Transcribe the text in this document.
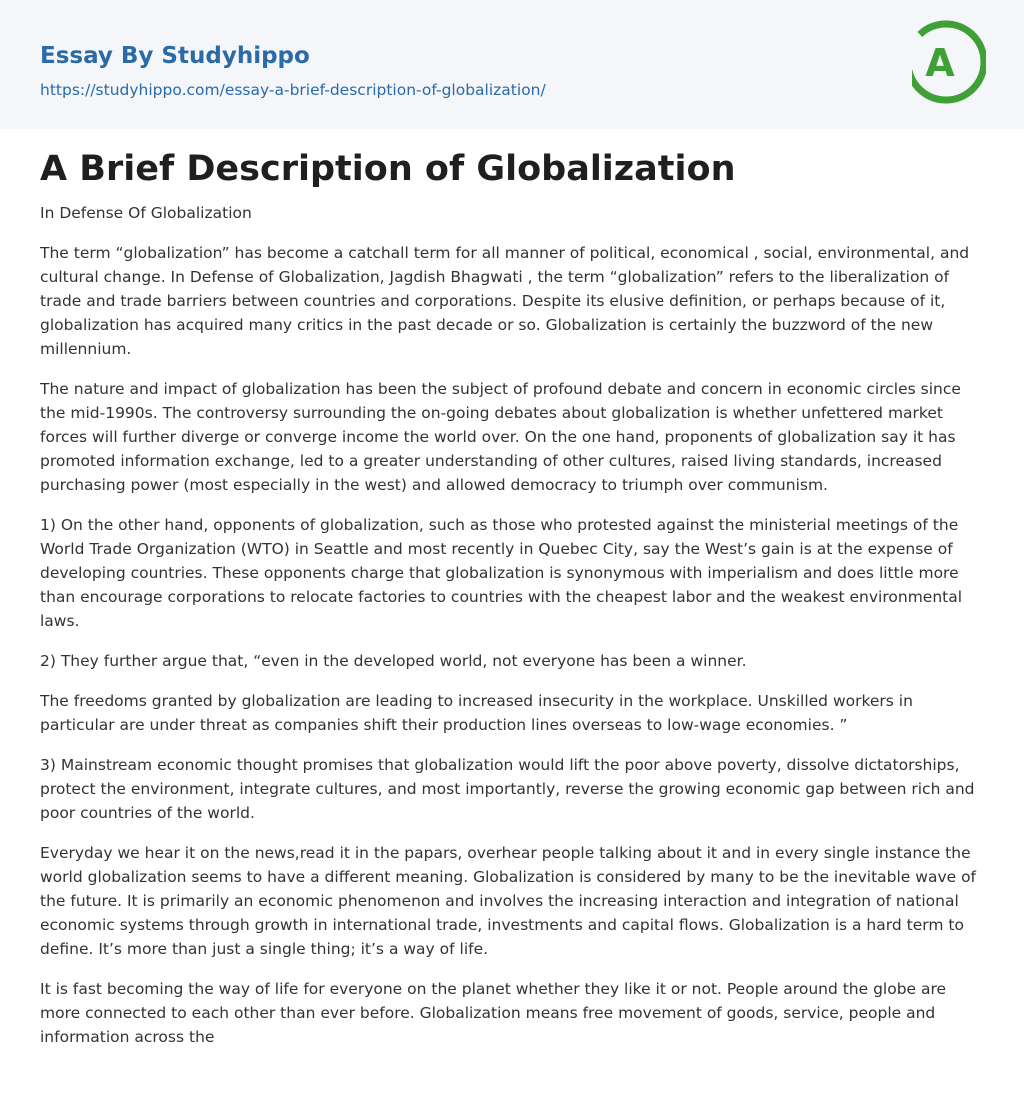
Essay By Studyhippo
https://studyhippo.com/essay-a-brief-description-of-globalization/
A
A Brief Description of Globalization
In Defense Of Globalization

The term “globalization” has become a catchall term for all manner of political, economical , social, environmental, and cultural change. In Defense of Globalization, Jagdish Bhagwati , the term “globalization” refers to the liberalization of trade and trade barriers between countries and corporations. Despite its elusive definition, or perhaps because of it, globalization has acquired many critics in the past decade or so. Globalization is certainly the buzzword of the new millennium.

The nature and impact of globalization has been the subject of profound debate and concern in economic circles since the mid-1990s. The controversy surrounding the on-going debates about globalization is whether unfettered market forces will further diverge or converge income the world over. On the one hand, proponents of globalization say it has promoted information exchange, led to a greater understanding of other cultures, raised living standards, increased purchasing power (most especially in the west) and allowed democracy to triumph over communism.

1) On the other hand, opponents of globalization, such as those who protested against the ministerial meetings of the World Trade Organization (WTO) in Seattle and most recently in Quebec City, say the West’s gain is at the expense of developing countries. These opponents charge that globalization is synonymous with imperialism and does little more than encourage corporations to relocate factories to countries with the cheapest labor and the weakest environmental laws.

2) They further argue that, “even in the developed world, not everyone has been a winner.

The freedoms granted by globalization are leading to increased insecurity in the workplace. Unskilled workers in particular are under threat as companies shift their production lines overseas to low-wage economies. ”

3) Mainstream economic thought promises that globalization would lift the poor above poverty, dissolve dictatorships, protect the environment, integrate cultures, and most importantly, reverse the growing economic gap between rich and poor countries of the world.

Everyday we hear it on the news,read it in the papars, overhear people talking about it and in every single instance the world globalization seems to have a different meaning. Globalization is considered by many to be the inevitable wave of the future. It is primarily an economic phenomenon and involves the increasing interaction and integration of national economic systems through growth in international trade, investments and capital flows. Globalization is a hard term to define. It’s more than just a single thing; it’s a way of life.

It is fast becoming the way of life for everyone on the planet whether they like it or not. People around the globe are more connected to each other than ever before. Globalization means free movement of goods, service, people and information across the
